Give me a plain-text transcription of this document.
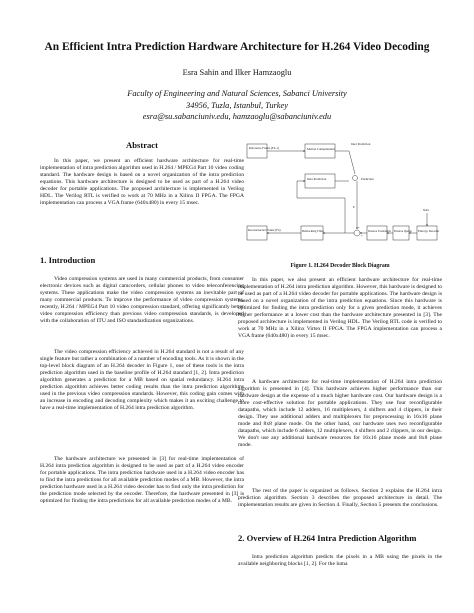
An Efficient Intra Prediction Hardware Architecture for H.264 Video Decoding
Esra Sahin and Ilker Hamzaoglu
Faculty of Engineering and Natural Sciences, Sabanci University
34956, Tuzla, Istanbul, Turkey
esra@su.sabanciuniv.edu, hamzaoglu@sabanciuniv.edu
Abstract
In this paper, we present an efficient hardware architecture for real-time implementation of intra prediction algorithm used in H.264 / MPEG4 Part 10 video coding standard. The hardware design is based on a novel organization of the intra prediction equations. This hardware architecture is designed to be used as part of a H.264 video decoder for portable applications. The proposed architecture is implemented in Verilog HDL. The Verilog RTL is verified to work at 70 MHz in a Xilinx II FPGA. The FPGA implementation can process a VGA frame (640x480) in every 15 msec.
1. Introduction
Video compression systems are used in many commercial products, from consumer electronic devices such as digital camcorders, cellular phones to video teleconferencing systems. These applications make the video compression systems an inevitable part of many commercial products. To improve the performance of video compression systems, recently, H.264 / MPEG4 Part 10 video compression standard, offering significantly better video compression efficiency than previous video compression standards, is developed with the collaboration of ITU and ISO standardization organizations.
The video compression efficiency achieved in H.264 standard is not a result of any single feature but rather a combination of a number of encoding tools. As it is shown in the top-level block diagram of an H.264 decoder in Figure 1, one of these tools is the intra prediction algorithm used in the baseline profile of H.264 standard [1, 2]. Intra prediction algorithm generates a prediction for a MB based on spatial redundancy. H.264 intra prediction algorithm achieves better coding results than the intra prediction algorithms used in the previous video compression standards. However, this coding gain comes with an increase in encoding and decoding complexity which makes it an exciting challenge to have a real-time implementation of H.264 intra prediction algorithm.
The hardware architecture we presented in [3] for real-time implementation of H.264 intra prediction algorithm is designed to be used as part of a H.264 video encoder for portable applications. The intra prediction hardware used in a H.264 video encoder has to find the intra predictions for all available prediction modes of a MB. However, the intra prediction hardware used in a H.264 video decoder has to find only the intra prediction for the prediction mode selected by the encoder. Therefore, the hardware presented in [3] is optimized for finding the intra predictions for all available prediction modes of a MB.
Reference Frame (Fn-1)	Motion Compensation
Inter Prediction
Intra Prediction	Prediction
P
+
+
Reconstructed Frame (Fn)	Deblocking Filter	Inverse Transform Inverse Quant. Entropy Decoder
NAL
Figure 1. H.264 Decoder Block Diagram
In this paper, we also present an efficient hardware architecture for real-time implementation of H.264 intra prediction algorithm. However, this hardware is designed to be used as part of a H.264 video decoder for portable applications. The hardware design is based on a novel organization of the intra prediction equations. Since this hardware is optimized for finding the intra prediction only for a given prediction mode, it achieves higher performance at a lower cost than the hardware architecture presented in [3]. The proposed architecture is implemented in Verilog HDL. The Verilog RTL code is verified to work at 70 MHz in a Xilinx Virtex II FPGA. The FPGA implementation can process a VGA frame (640x480) in every 15 msec.
A hardware architecture for real-time implementation of H.264 intra prediction algorithm is presented in [4]. This hardware achieves higher performance than our hardware design at the expense of a much higher hardware cost. Our hardware design is a more cost-effective solution for portable applications. They use four reconfigurable datapaths, which include 12 adders, 16 multiplexers, 4 shifters and 4 clippers, in their design. They use additional adders and multiplexers for preprocessing in 16x16 plane mode and 8x8 plane mode. On the other hand, our hardware uses two reconfigurable datapaths, which include 6 adders, 12 multiplexers, 4 shifters and 2 clippers, in our design. We don't use any additional hardware resources for 16x16 plane mode and 8x8 plane mode.
The rest of the paper is organized as follows. Section 2 explains the H.264 intra prediction algorithm. Section 3 describes the proposed architecture in detail. The implementation results are given in Section 4. Finally, Section 5 presents the conclusions.
2. Overview of H.264 Intra Prediction Algorithm
Intra prediction algorithm predicts the pixels in a MB using the pixels in the available neighboring blocks [1, 2]. For the luma
